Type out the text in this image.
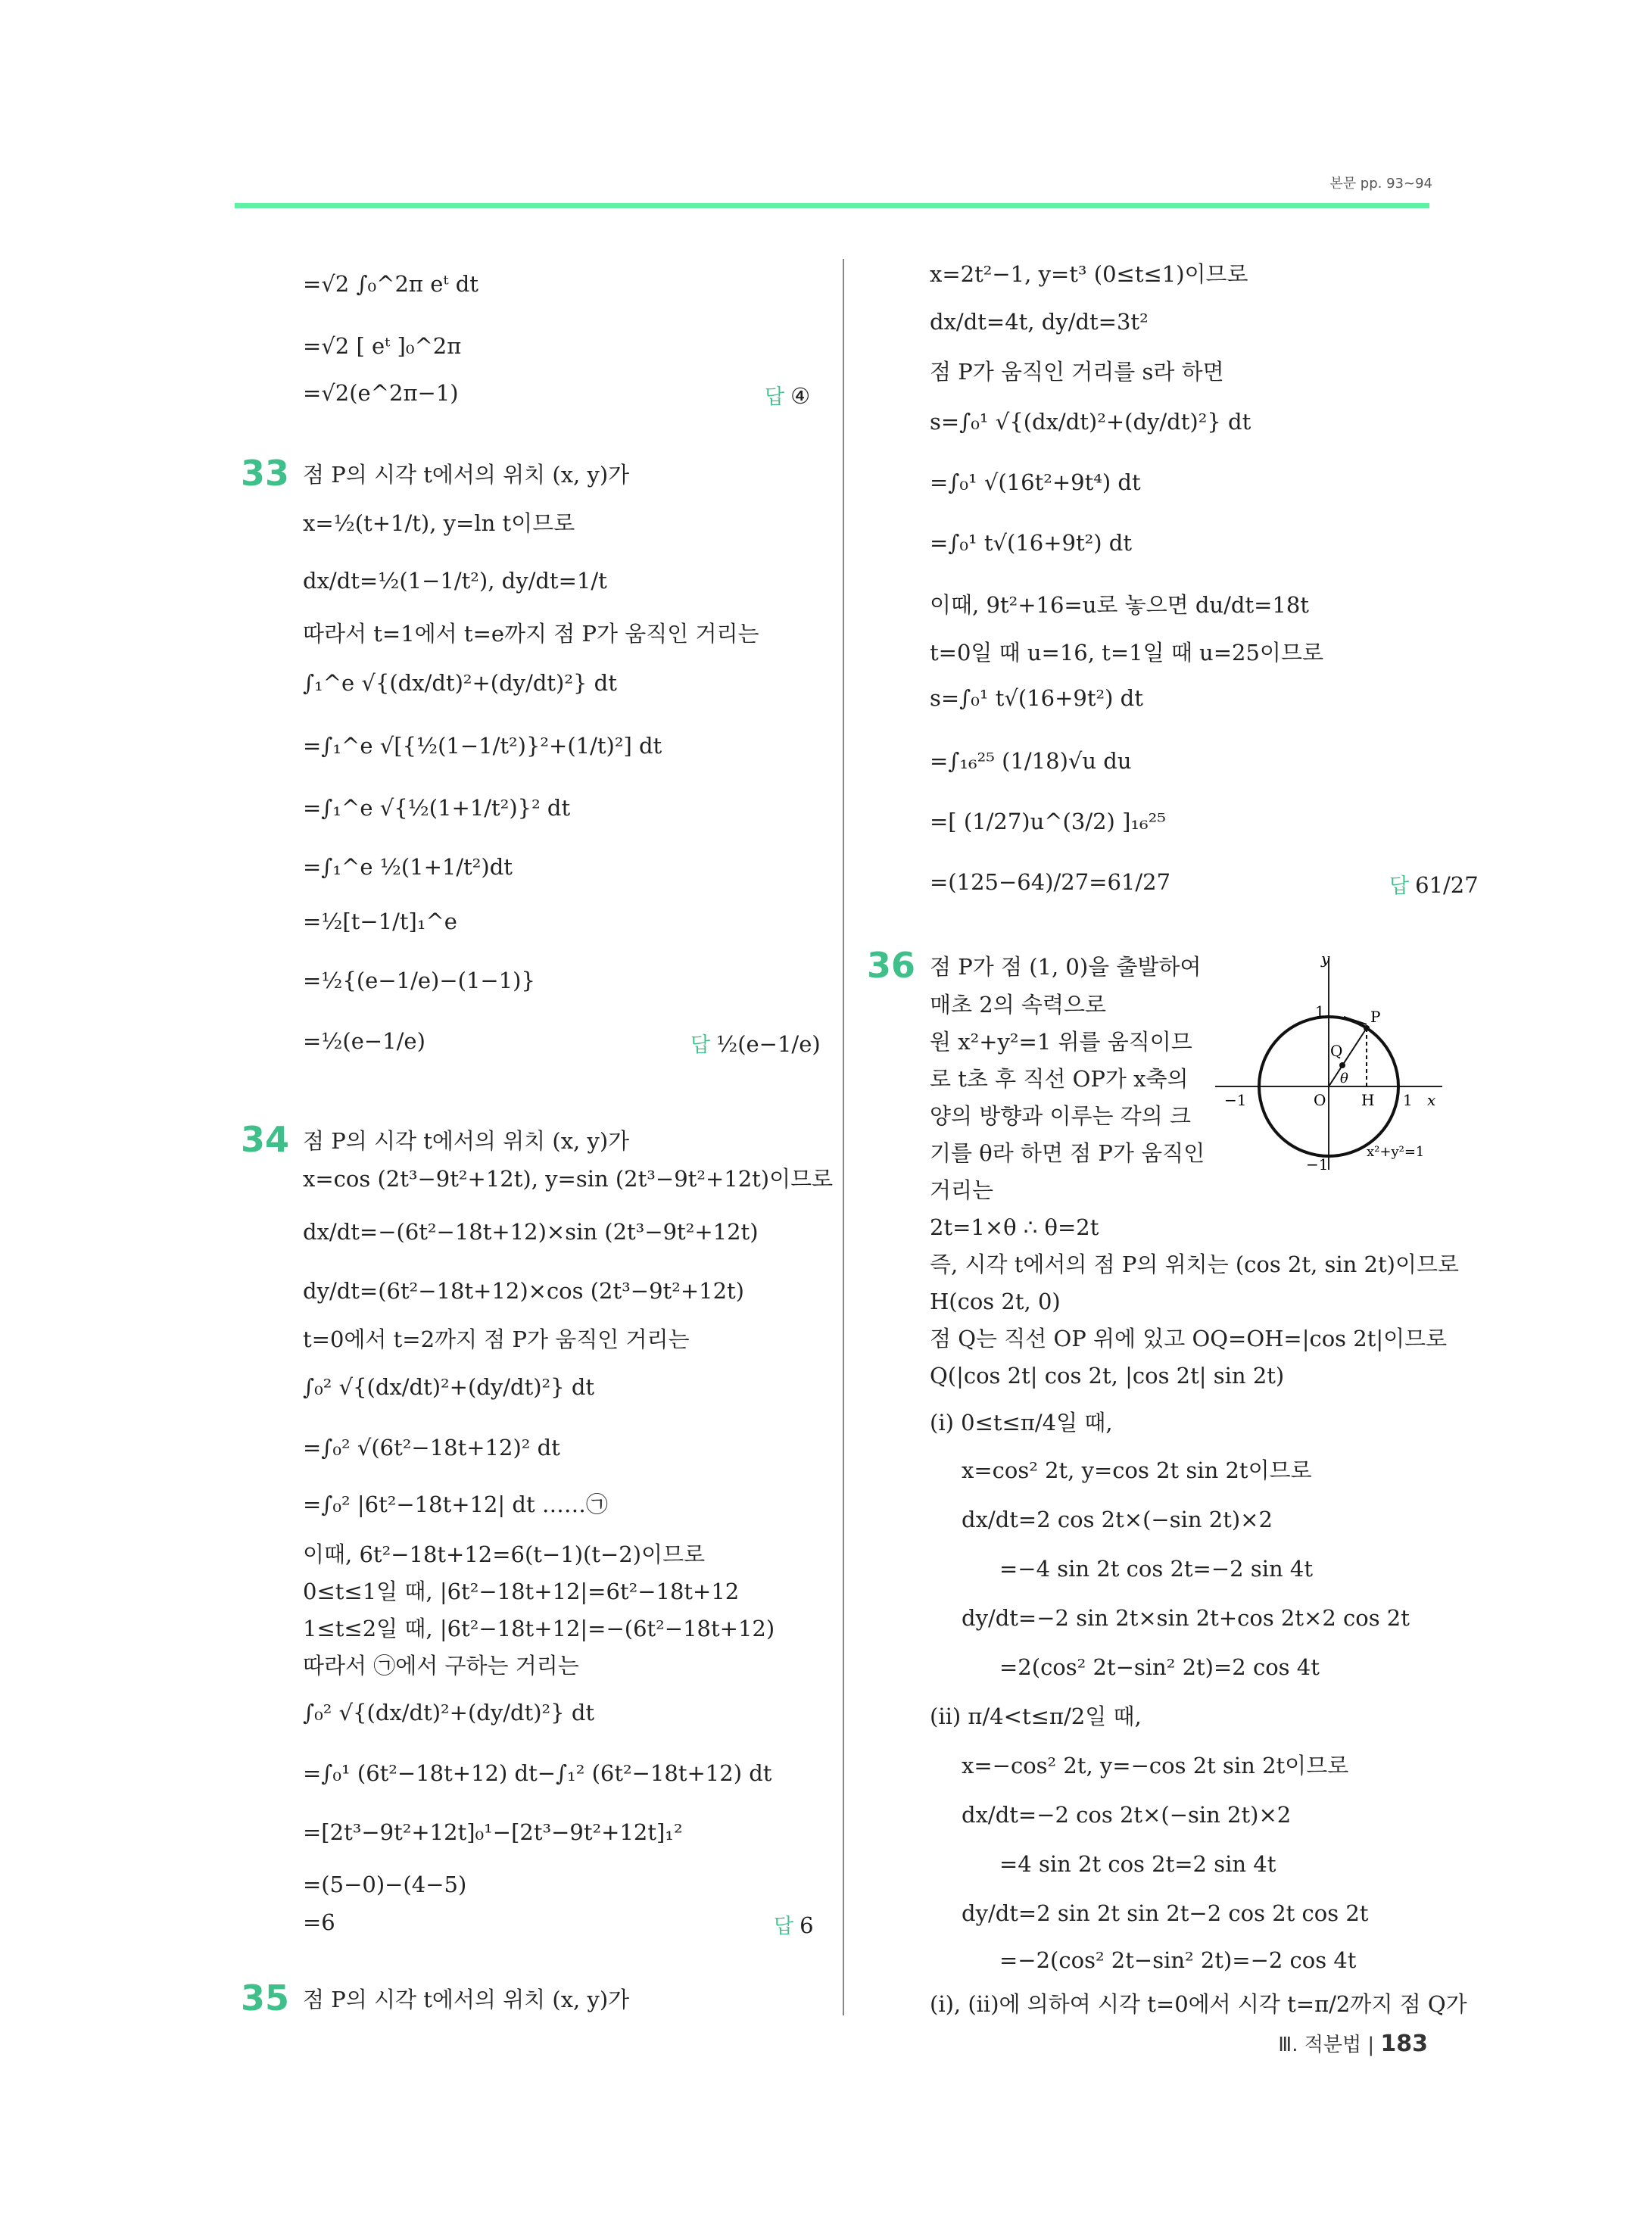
본문 pp. 93~94
=√2 ∫₀^2π eᵗ dt
=√2 [ eᵗ ]₀^2π
=√2(e^2π−1)	답 ④
33 점 P의 시각 t에서의 위치 (x, y)가
x=½(t+1/t), y=ln t이므로
dx/dt=½(1−1/t²), dy/dt=1/t
따라서 t=1에서 t=e까지 점 P가 움직인 거리는
∫₁^e √{(dx/dt)²+(dy/dt)²} dt
=∫₁^e √[{½(1−1/t²)}²+(1/t)²] dt
=∫₁^e √{½(1+1/t²)}² dt
=∫₁^e ½(1+1/t²)dt
=½[t−1/t]₁^e
=½{(e−1/e)−(1−1)}
=½(e−1/e)	답 ½(e−1/e)
34 점 P의 시각 t에서의 위치 (x, y)가
x=cos (2t³−9t²+12t), y=sin (2t³−9t²+12t)이므로
dx/dt=−(6t²−18t+12)×sin (2t³−9t²+12t)
dy/dt=(6t²−18t+12)×cos (2t³−9t²+12t)
t=0에서 t=2까지 점 P가 움직인 거리는
∫₀² √{(dx/dt)²+(dy/dt)²} dt
=∫₀² √(6t²−18t+12)² dt
=∫₀² |6t²−18t+12| dt ……㉠
이때, 6t²−18t+12=6(t−1)(t−2)이므로
0≤t≤1일 때, |6t²−18t+12|=6t²−18t+12
1≤t≤2일 때, |6t²−18t+12|=−(6t²−18t+12)
따라서 ㉠에서 구하는 거리는
∫₀² √{(dx/dt)²+(dy/dt)²} dt
=∫₀¹ (6t²−18t+12) dt−∫₁² (6t²−18t+12) dt
=[2t³−9t²+12t]₀¹−[2t³−9t²+12t]₁²
=(5−0)−(4−5)
=6	답 6
35 점 P의 시각 t에서의 위치 (x, y)가
x=2t²−1, y=t³ (0≤t≤1)이므로
dx/dt=4t, dy/dt=3t²
점 P가 움직인 거리를 s라 하면
s=∫₀¹ √{(dx/dt)²+(dy/dt)²} dt
=∫₀¹ √(16t²+9t⁴) dt
=∫₀¹ t√(16+9t²) dt
이때, 9t²+16=u로 놓으면 du/dt=18t
t=0일 때 u=16, t=1일 때 u=25이므로
s=∫₀¹ t√(16+9t²) dt
=∫₁₆²⁵ (1/18)√u du
=[ (1/27)u^(3/2) ]₁₆²⁵
=(125−64)/27=61/27	답 61/27
36 점 P가 점 (1, 0)을 출발하여
매초 2의 속력으로
원 x²+y²=1 위를 움직이므
로 t초 후 직선 OP가 x축의
양의 방향과 이루는 각의 크
기를 θ라 하면 점 P가 움직인
거리는
2t=1×θ ∴ θ=2t
즉, 시각 t에서의 점 P의 위치는 (cos 2t, sin 2t)이므로
H(cos 2t, 0)
점 Q는 직선 OP 위에 있고 OQ=OH=|cos 2t|이므로
Q(|cos 2t| cos 2t, |cos 2t| sin 2t)
(ⅰ) 0≤t≤π/4일 때,
x=cos² 2t, y=cos 2t sin 2t이므로
dx/dt=2 cos 2t×(−sin 2t)×2
=−4 sin 2t cos 2t=−2 sin 4t
dy/dt=−2 sin 2t×sin 2t+cos 2t×2 cos 2t
=2(cos² 2t−sin² 2t)=2 cos 4t
(ⅱ) π/4<t≤π/2일 때,
x=−cos² 2t, y=−cos 2t sin 2t이므로
dx/dt=−2 cos 2t×(−sin 2t)×2
=4 sin 2t cos 2t=2 sin 4t
dy/dt=2 sin 2t sin 2t−2 cos 2t cos 2t
=−2(cos² 2t−sin² 2t)=−2 cos 4t
(ⅰ), (ⅱ)에 의하여 시각 t=0에서 시각 t=π/2까지 점 Q가
y
1	P
Q
θ
−1	O H 1 x
−1
x²+y²=1
Ⅲ. 적분법 | 183
